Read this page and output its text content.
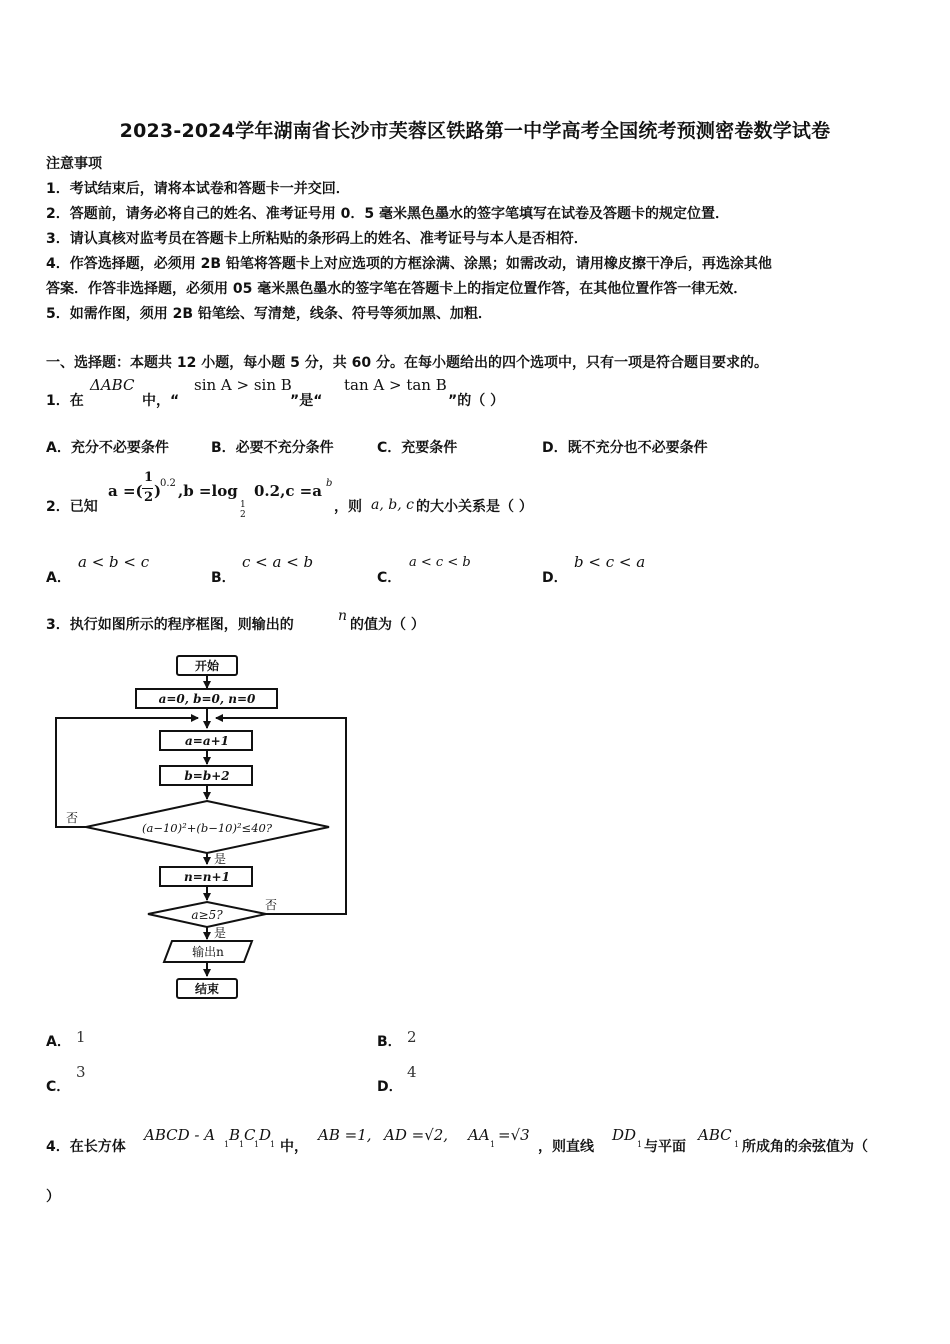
2023-2024学年湖南省长沙市芙蓉区铁路第一中学高考全国统考预测密卷数学试卷
注意事项
1．考试结束后，请将本试卷和答题卡一并交回．
2．答题前，请务必将自己的姓名、准考证号用 0．5 毫米黑色墨水的签字笔填写在试卷及答题卡的规定位置．
3．请认真核对监考员在答题卡上所粘贴的条形码上的姓名、准考证号与本人是否相符．
4．作答选择题，必须用 2B 铅笔将答题卡上对应选项的方框涂满、涂黑；如需改动，请用橡皮擦干净后，再选涂其他
答案．作答非选择题，必须用 05 毫米黑色墨水的签字笔在答题卡上的指定位置作答，在其他位置作答一律无效．
5．如需作图，须用 2B 铅笔绘、写清楚，线条、符号等须加黑、加粗．
一、选择题：本题共 12 小题，每小题 5 分，共 60 分。在每小题给出的四个选项中，只有一项是符合题目要求的。
1．在
ΔABC
中，“
sin A > sin B
”是“
tan A > tan B
”的（ ）
A．充分不必要条件	B．必要不充分条件	C．充要条件	D．既不充分也不必要条件
2．已知
a =(
1
2 )
0.2 ,b =log
1
2
0.2,c =a b
，则 a, b, c 的大小关系是（ ）
A．
a < b < c
B．
c < a < b
C．
a < c < b
D．
b < c < a
3．执行如图所示的程序框图，则输出的
n
的值为（ ）
开始
a=0, b=0, n=0
a=a+1
b=b+2
(a−10)²+(b−10)²≤40?
否
是
n=n+1
a≥5?
否
是
输出n
结束
A． 1	B． 2
C．
3
D．
4
4．在长方体
ABCD - A
1
B
1
C
1
D
1 中，
AB =1, AD =√2, AA
1
=√3
，则直线
DD
1 与平面
ABC
1 所成角的余弦值为（
）
